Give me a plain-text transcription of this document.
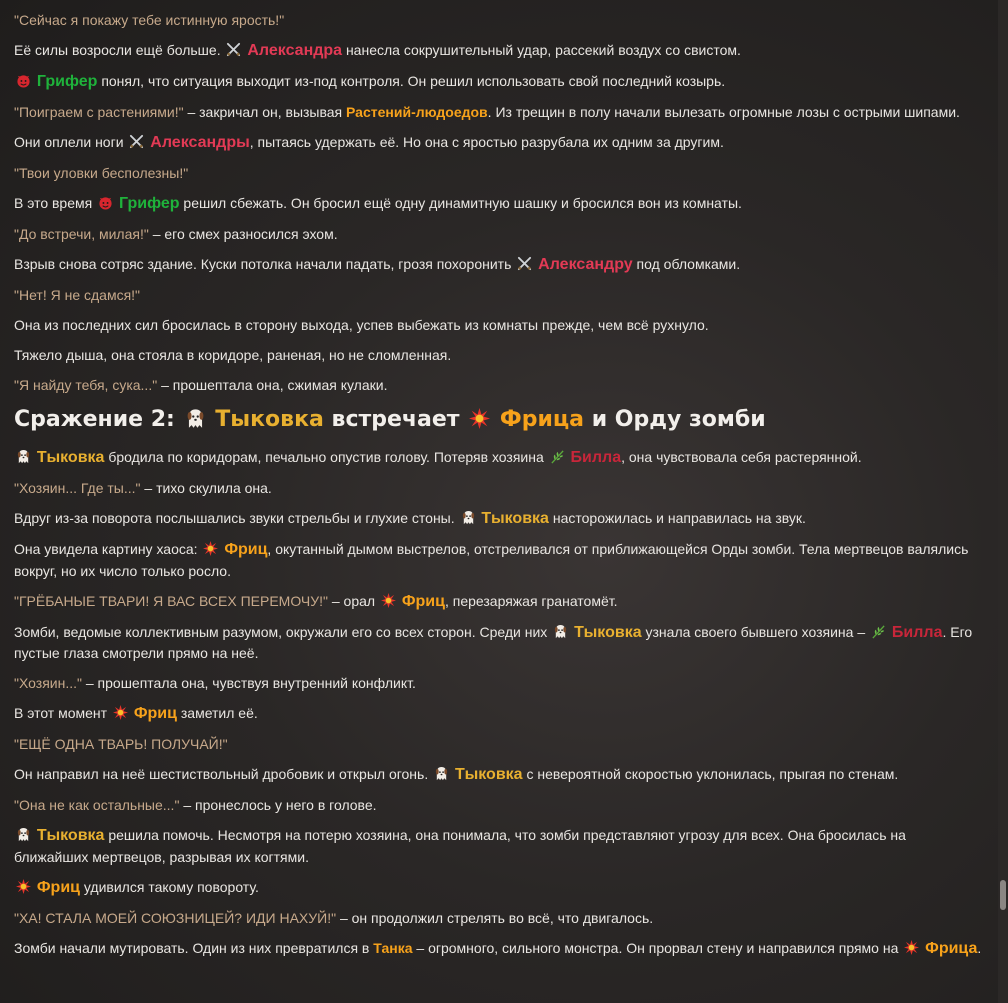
"Сейчас я покажу тебе истинную ярость!"

Её силы возросли ещё больше. Александра нанесла сокрушительный удар, рассекий воздух со свистом.

Грифер понял, что ситуация выходит из-под контроля. Он решил использовать свой последний козырь.

"Поиграем с растениями!" – закричал он, вызывая Растений-людоедов. Из трещин в полу начали вылезать огромные лозы с острыми шипами.

Они оплели ноги Александры, пытаясь удержать её. Но она с яростью разрубала их одним за другим.

"Твои уловки бесполезны!"

В это время Грифер решил сбежать. Он бросил ещё одну динамитную шашку и бросился вон из комнаты.

"До встречи, милая!" – его смех разносился эхом.

Взрыв снова сотряс здание. Куски потолка начали падать, грозя похоронить Александру под обломками.

"Нет! Я не сдамся!"

Она из последних сил бросилась в сторону выхода, успев выбежать из комнаты прежде, чем всё рухнуло.

Тяжело дыша, она стояла в коридоре, раненая, но не сломленная.

"Я найду тебя, сука..." – прошептала она, сжимая кулаки.

Сражение 2: Тыковка встречает Фрица и Орду зомби

Тыковка бродила по коридорам, печально опустив голову. Потеряв хозяина Билла, она чувствовала себя растерянной.

"Хозяин... Где ты..." – тихо скулила она.

Вдруг из-за поворота послышались звуки стрельбы и глухие стоны. Тыковка насторожилась и направилась на звук.

Она увидела картину хаоса: Фриц, окутанный дымом выстрелов, отстреливался от приближающейся Орды зомби. Тела мертвецов валялись вокруг, но их число только росло.

"ГРЁБАНЫЕ ТВАРИ! Я ВАС ВСЕХ ПЕРЕМОЧУ!" – орал Фриц, перезаряжая гранатомёт.

Зомби, ведомые коллективным разумом, окружали его со всех сторон. Среди них Тыковка узнала своего бывшего хозяина – Билла. Его пустые глаза смотрели прямо на неё.

"Хозяин..." – прошептала она, чувствуя внутренний конфликт.

В этот момент Фриц заметил её.

"ЕЩЁ ОДНА ТВАРЬ! ПОЛУЧАЙ!"

Он направил на неё шестиствольный дробовик и открыл огонь. Тыковка с невероятной скоростью уклонилась, прыгая по стенам.

"Она не как остальные..." – пронеслось у него в голове.

Тыковка решила помочь. Несмотря на потерю хозяина, она понимала, что зомби представляют угрозу для всех. Она бросилась на ближайших мертвецов, разрывая их когтями.

Фриц удивился такому повороту.

"ХА! СТАЛА МОЕЙ СОЮЗНИЦЕЙ? ИДИ НАХУЙ!" – он продолжил стрелять во всё, что двигалось.

Зомби начали мутировать. Один из них превратился в Танка – огромного, сильного монстра. Он прорвал стену и направился прямо на Фрица.
